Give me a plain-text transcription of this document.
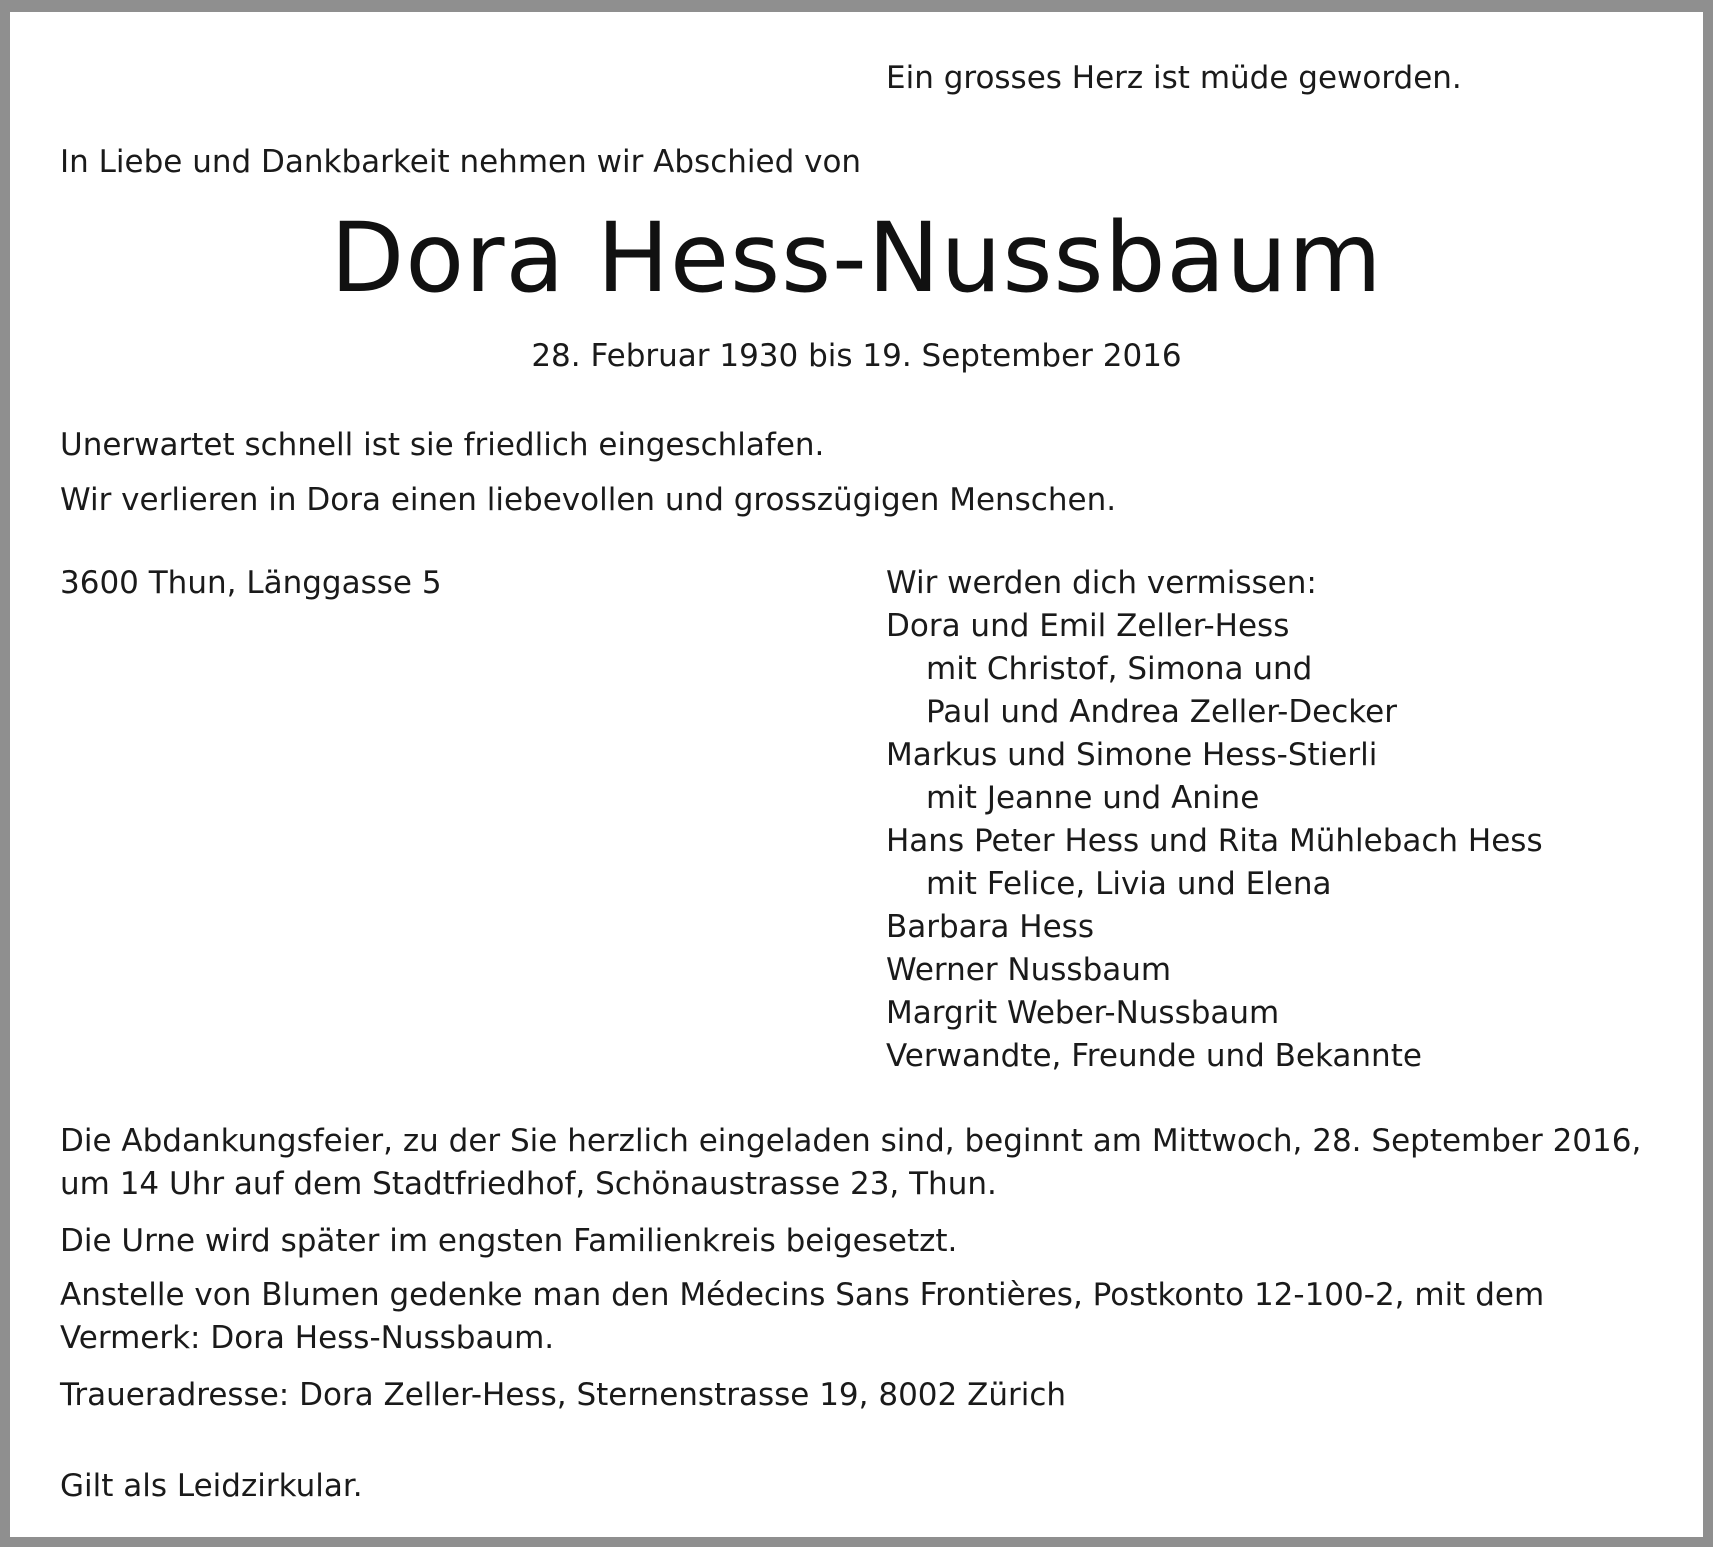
Ein grosses Herz ist müde geworden.
In Liebe und Dankbarkeit nehmen wir Abschied von
Dora Hess-Nussbaum
28. Februar 1930 bis 19. September 2016
Unerwartet schnell ist sie friedlich eingeschlafen.
Wir verlieren in Dora einen liebevollen und grosszügigen Menschen.
3600 Thun, Länggasse 5	Wir werden dich vermissen:
Dora und Emil Zeller-Hess
mit Christof, Simona und
Paul und Andrea Zeller-Decker
Markus und Simone Hess-Stierli
mit Jeanne und Anine
Hans Peter Hess und Rita Mühlebach Hess
mit Felice, Livia und Elena
Barbara Hess
Werner Nussbaum
Margrit Weber-Nussbaum
Verwandte, Freunde und Bekannte
Die Abdankungsfeier, zu der Sie herzlich eingeladen sind, beginnt am Mittwoch, 28. September 2016, um 14 Uhr auf dem Stadtfriedhof, Schönaustrasse 23, Thun.
Die Urne wird später im engsten Familienkreis beigesetzt.
Anstelle von Blumen gedenke man den Médecins Sans Frontières, Postkonto 12-100-2, mit dem Vermerk: Dora Hess-Nussbaum.
Traueradresse: Dora Zeller-Hess, Sternenstrasse 19, 8002 Zürich
Gilt als Leidzirkular.
